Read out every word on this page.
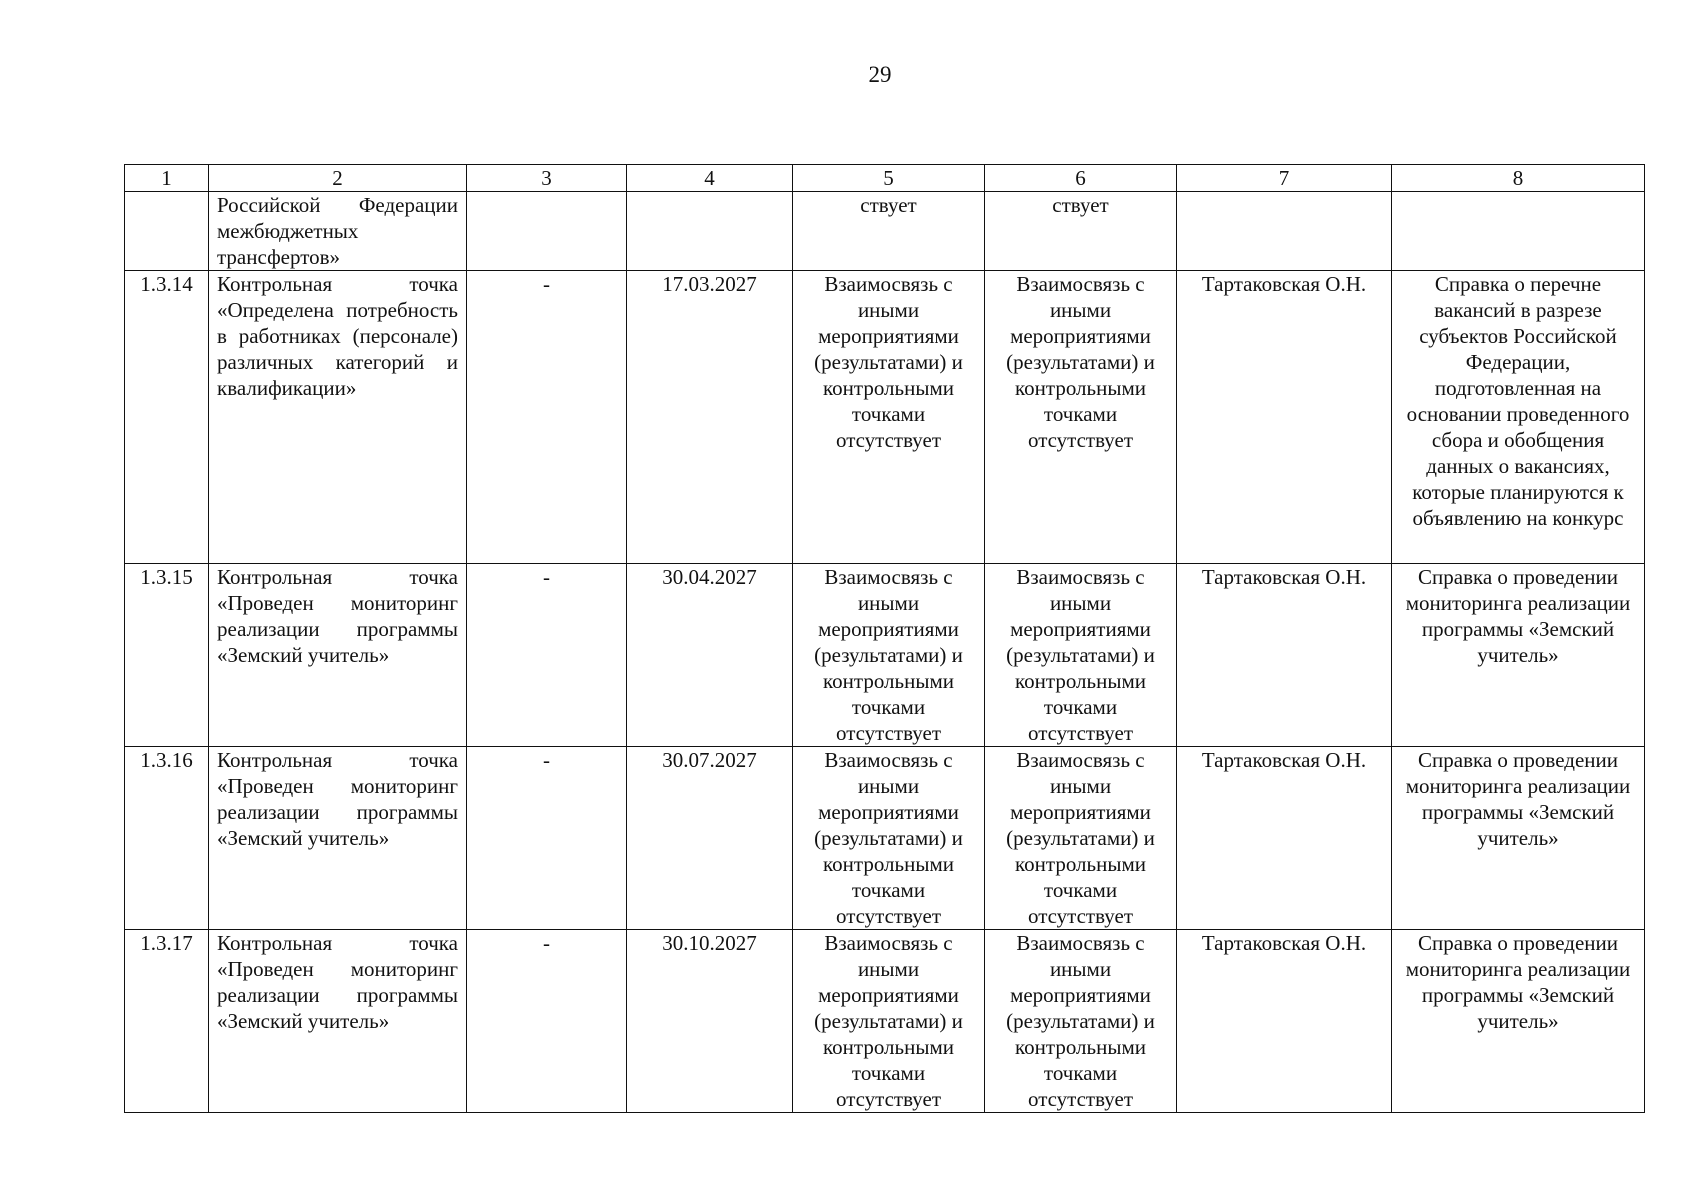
29
1	2	3	4	5	6	7	8
	Российской Федерации межбюджетных трансфертов»			ствует	ствует		
1.3.14	Контрольная точка «Определена потребность в работниках (персонале) различных категорий и квалификации»	-	17.03.2027	Взаимосвязь с иными мероприятиями (результатами) и контрольными точками отсутствует	Взаимосвязь с иными мероприятиями (результатами) и контрольными точками отсутствует	Тартаковская О.Н.	Справка о перечне вакансий в разрезе субъектов Российской Федерации, подготовленная на основании проведенного сбора и обобщения данных о вакансиях, которые планируются к объявлению на конкурс
1.3.15	Контрольная точка «Проведен мониторинг реализации программы «Земский учитель»	-	30.04.2027	Взаимосвязь с иными мероприятиями (результатами) и контрольными точками отсутствует	Взаимосвязь с иными мероприятиями (результатами) и контрольными точками отсутствует	Тартаковская О.Н.	Справка о проведении мониторинга реализации программы «Земский учитель»
1.3.16	Контрольная точка «Проведен мониторинг реализации программы «Земский учитель»	-	30.07.2027	Взаимосвязь с иными мероприятиями (результатами) и контрольными точками отсутствует	Взаимосвязь с иными мероприятиями (результатами) и контрольными точками отсутствует	Тартаковская О.Н.	Справка о проведении мониторинга реализации программы «Земский учитель»
1.3.17	Контрольная точка «Проведен мониторинг реализации программы «Земский учитель»	-	30.10.2027	Взаимосвязь с иными мероприятиями (результатами) и контрольными точками отсутствует	Взаимосвязь с иными мероприятиями (результатами) и контрольными точками отсутствует	Тартаковская О.Н.	Справка о проведении мониторинга реализации программы «Земский учитель»
